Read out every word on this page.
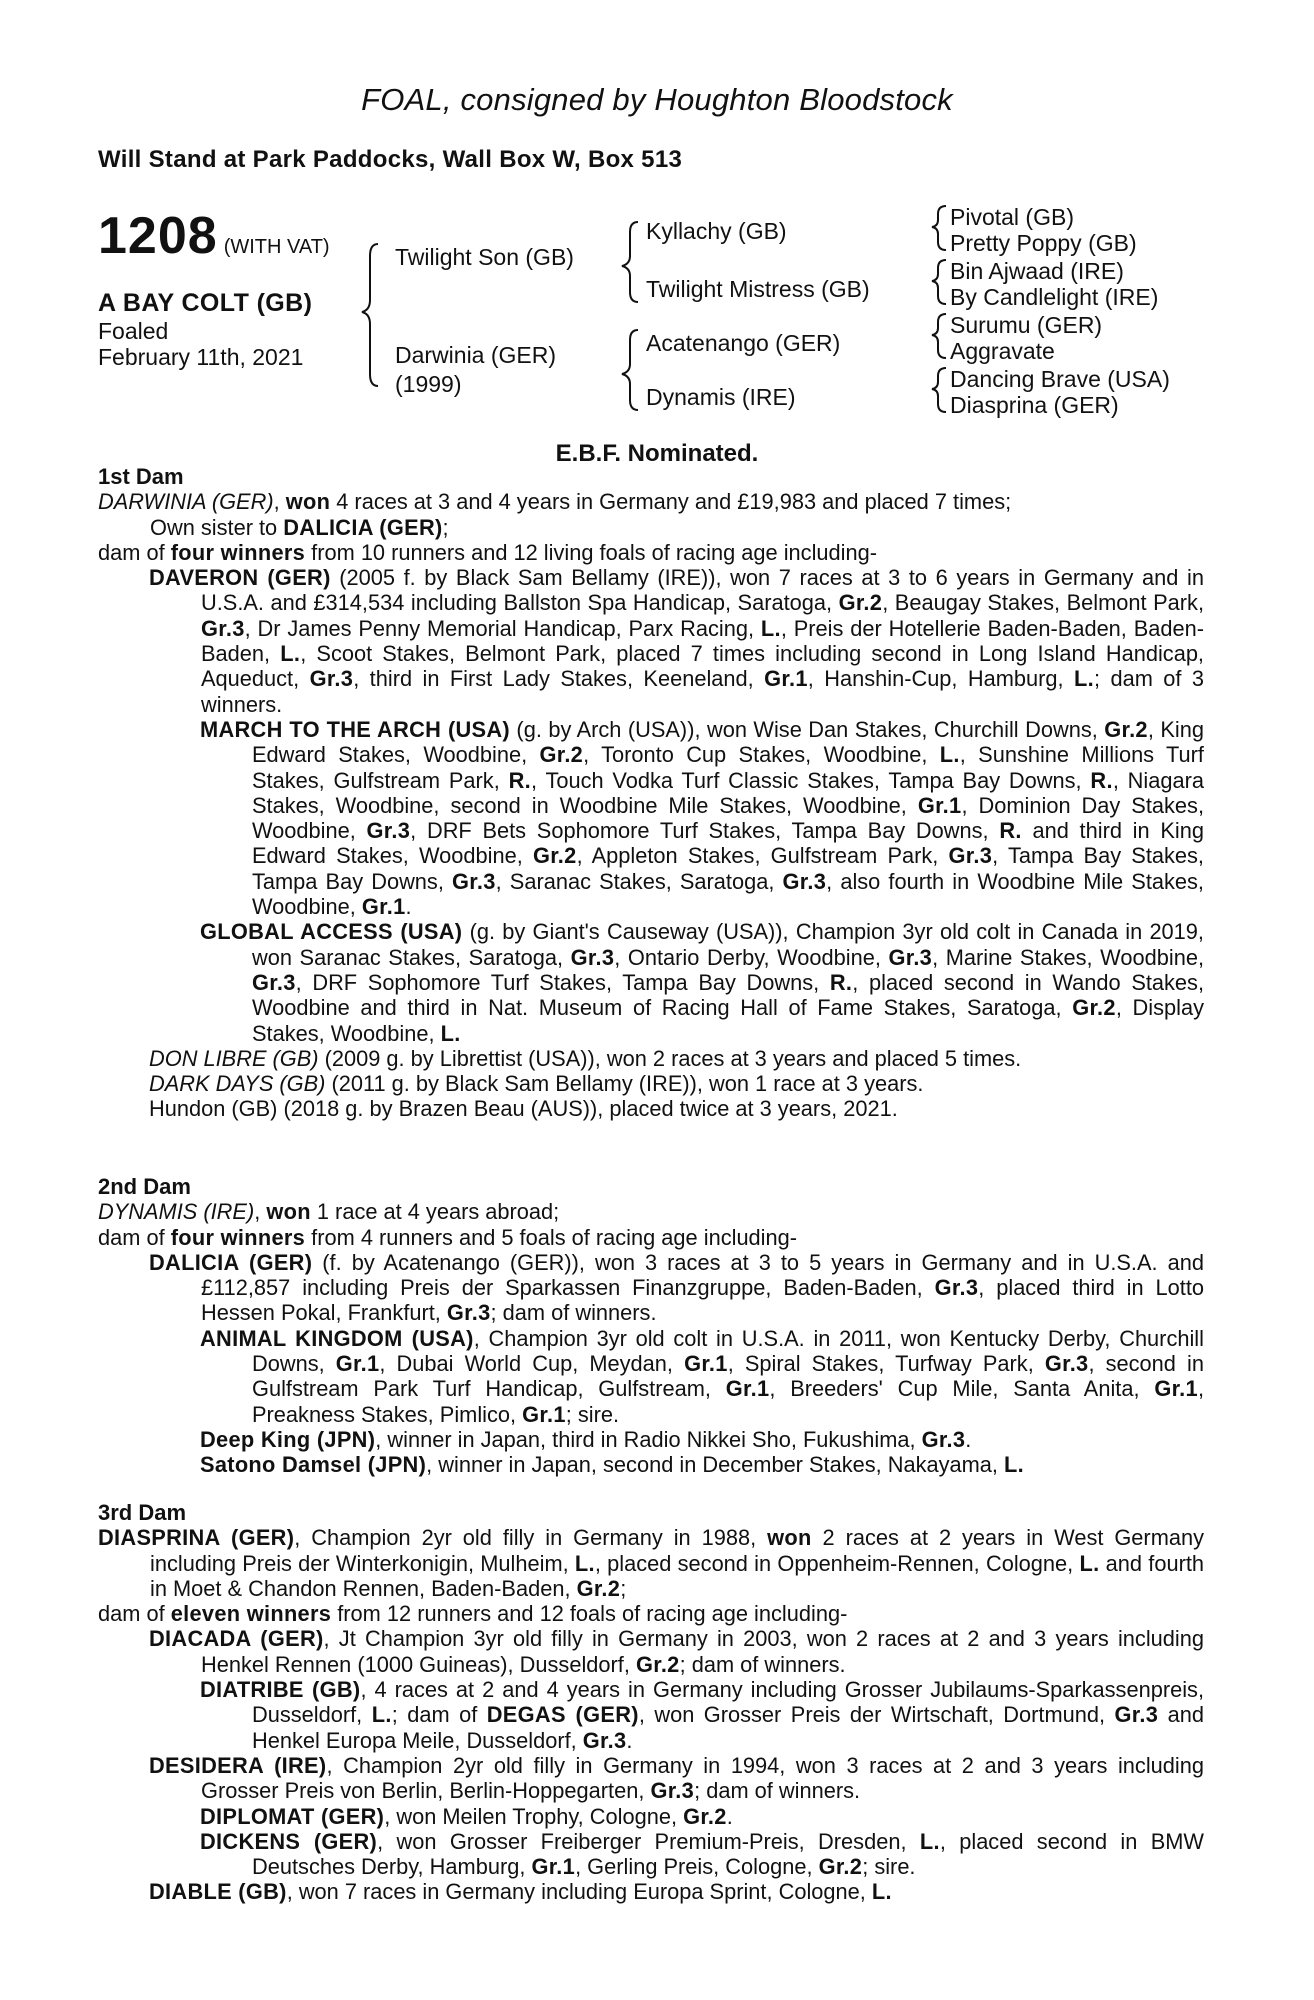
FOAL, consigned by Houghton Bloodstock
Will Stand at Park Paddocks, Wall Box W, Box 513
1208 (WITH VAT)
A BAY COLT (GB)
Foaled
February 11th, 2021
Twilight Son (GB)
Darwinia (GER)
(1999)
Kyllachy (GB)
Twilight Mistress (GB)
Acatenango (GER)
Dynamis (IRE)
Pivotal (GB)
Pretty Poppy (GB)
Bin Ajwaad (IRE)
By Candlelight (IRE)
Surumu (GER)
Aggravate
Dancing Brave (USA)
Diasprina (GER)
E.B.F. Nominated.
1st Dam

DARWINIA (GER), won 4 races at 3 and 4 years in Germany and £19,983 and placed 7 times;

Own sister to DALICIA (GER);

dam of four winners from 10 runners and 12 living foals of racing age including-

DAVERON (GER) (2005 f. by Black Sam Bellamy (IRE)), won 7 races at 3 to 6 years in Germany and in U.S.A. and £314,534 including Ballston Spa Handicap, Saratoga, Gr.2, Beaugay Stakes, Belmont Park, Gr.3, Dr James Penny Memorial Handicap, Parx Racing, L., Preis der Hotellerie Baden-Baden, Baden-Baden, L., Scoot Stakes, Belmont Park, placed 7 times including second in Long Island Handicap, Aqueduct, Gr.3, third in First Lady Stakes, Keeneland, Gr.1, Hanshin-Cup, Hamburg, L.; dam of 3 winners.

MARCH TO THE ARCH (USA) (g. by Arch (USA)), won Wise Dan Stakes, Churchill Downs, Gr.2, King Edward Stakes, Woodbine, Gr.2, Toronto Cup Stakes, Woodbine, L., Sunshine Millions Turf Stakes, Gulfstream Park, R., Touch Vodka Turf Classic Stakes, Tampa Bay Downs, R., Niagara Stakes, Woodbine, second in Woodbine Mile Stakes, Woodbine, Gr.1, Dominion Day Stakes, Woodbine, Gr.3, DRF Bets Sophomore Turf Stakes, Tampa Bay Downs, R. and third in King Edward Stakes, Woodbine, Gr.2, Appleton Stakes, Gulfstream Park, Gr.3, Tampa Bay Stakes, Tampa Bay Downs, Gr.3, Saranac Stakes, Saratoga, Gr.3, also fourth in Woodbine Mile Stakes, Woodbine, Gr.1.

GLOBAL ACCESS (USA) (g. by Giant's Causeway (USA)), Champion 3yr old colt in Canada in 2019, won Saranac Stakes, Saratoga, Gr.3, Ontario Derby, Woodbine, Gr.3, Marine Stakes, Woodbine, Gr.3, DRF Sophomore Turf Stakes, Tampa Bay Downs, R., placed second in Wando Stakes, Woodbine and third in Nat. Museum of Racing Hall of Fame Stakes, Saratoga, Gr.2, Display Stakes, Woodbine, L.

DON LIBRE (GB) (2009 g. by Librettist (USA)), won 2 races at 3 years and placed 5 times.

DARK DAYS (GB) (2011 g. by Black Sam Bellamy (IRE)), won 1 race at 3 years.

Hundon (GB) (2018 g. by Brazen Beau (AUS)), placed twice at 3 years, 2021.

2nd Dam

DYNAMIS (IRE), won 1 race at 4 years abroad;

dam of four winners from 4 runners and 5 foals of racing age including-

DALICIA (GER) (f. by Acatenango (GER)), won 3 races at 3 to 5 years in Germany and in U.S.A. and £112,857 including Preis der Sparkassen Finanzgruppe, Baden-Baden, Gr.3, placed third in Lotto Hessen Pokal, Frankfurt, Gr.3; dam of winners.

ANIMAL KINGDOM (USA), Champion 3yr old colt in U.S.A. in 2011, won Kentucky Derby, Churchill Downs, Gr.1, Dubai World Cup, Meydan, Gr.1, Spiral Stakes, Turfway Park, Gr.3, second in Gulfstream Park Turf Handicap, Gulfstream, Gr.1, Breeders' Cup Mile, Santa Anita, Gr.1, Preakness Stakes, Pimlico, Gr.1; sire.

Deep King (JPN), winner in Japan, third in Radio Nikkei Sho, Fukushima, Gr.3.

Satono Damsel (JPN), winner in Japan, second in December Stakes, Nakayama, L.

3rd Dam

DIASPRINA (GER), Champion 2yr old filly in Germany in 1988, won 2 races at 2 years in West Germany including Preis der Winterkonigin, Mulheim, L., placed second in Oppenheim-Rennen, Cologne, L. and fourth in Moet & Chandon Rennen, Baden-Baden, Gr.2;

dam of eleven winners from 12 runners and 12 foals of racing age including-

DIACADA (GER), Jt Champion 3yr old filly in Germany in 2003, won 2 races at 2 and 3 years including Henkel Rennen (1000 Guineas), Dusseldorf, Gr.2; dam of winners.

DIATRIBE (GB), 4 races at 2 and 4 years in Germany including Grosser Jubilaums-Sparkassenpreis, Dusseldorf, L.; dam of DEGAS (GER), won Grosser Preis der Wirtschaft, Dortmund, Gr.3 and Henkel Europa Meile, Dusseldorf, Gr.3.

DESIDERA (IRE), Champion 2yr old filly in Germany in 1994, won 3 races at 2 and 3 years including Grosser Preis von Berlin, Berlin-Hoppegarten, Gr.3; dam of winners.

DIPLOMAT (GER), won Meilen Trophy, Cologne, Gr.2.

DICKENS (GER), won Grosser Freiberger Premium-Preis, Dresden, L., placed second in BMW Deutsches Derby, Hamburg, Gr.1, Gerling Preis, Cologne, Gr.2; sire.

DIABLE (GB), won 7 races in Germany including Europa Sprint, Cologne, L.
